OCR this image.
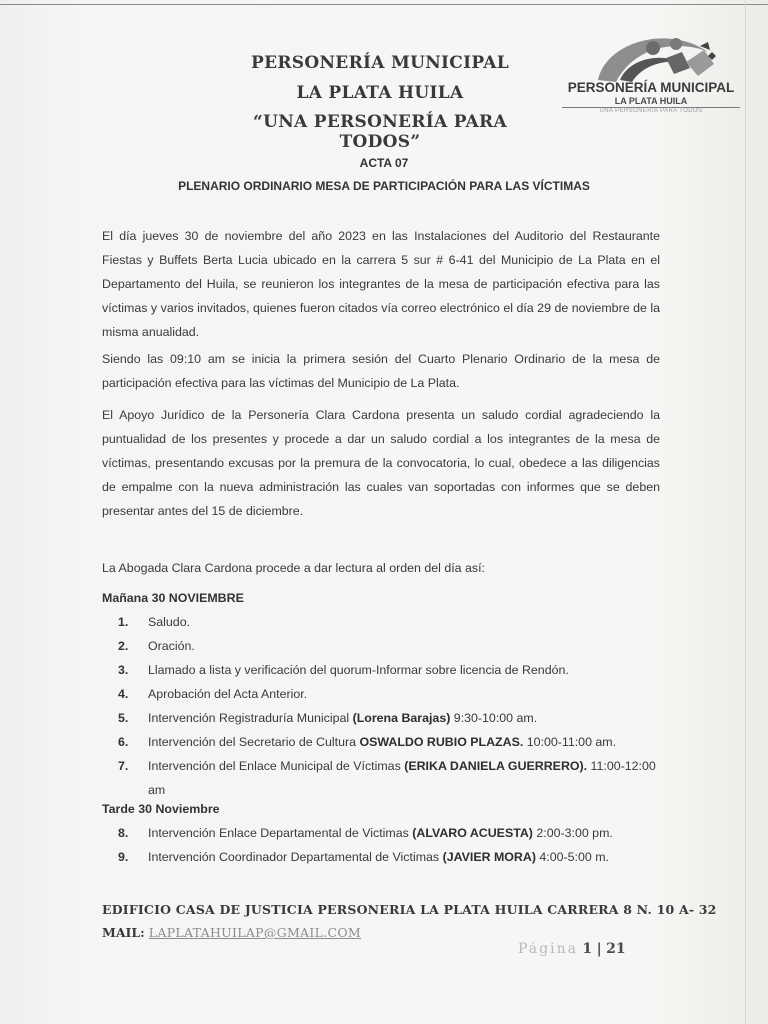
PERSONERÍA MUNICIPAL
LA PLATA HUILA
“UNA PERSONERÍA PARA TODOS”
PERSONERÍA MUNICIPAL
LA PLATA HUILA
UNA PERSONERIA PARA TODOS
ACTA 07
PLENARIO ORDINARIO MESA DE PARTICIPACIÓN PARA LAS VÍCTIMAS

El día jueves 30 de noviembre del año 2023 en las Instalaciones del Auditorio del Restaurante Fiestas y Buffets Berta Lucia ubicado en la carrera 5 sur # 6-41 del Municipio de La Plata en el Departamento del Huila, se reunieron los integrantes de la mesa de participación efectiva para las víctimas y varios invitados, quienes fueron citados vía correo electrónico el día 29 de noviembre de la misma anualidad.

Siendo las 09:10 am se inicia la primera sesión del Cuarto Plenario Ordinario de la mesa de participación efectiva para las víctimas del Municipio de La Plata.

El Apoyo Jurídico de la Personería Clara Cardona presenta un saludo cordial agradeciendo la puntualidad de los presentes y procede a dar un saludo cordial a los integrantes de la mesa de víctimas, presentando excusas por la premura de la convocatoria, lo cual, obedece a las diligencias de empalme con la nueva administración las cuales van soportadas con informes que se deben presentar antes del 15 de diciembre.

La Abogada Clara Cardona procede a dar lectura al orden del día así:

Mañana 30 NOVIEMBRE
1.	Saludo.
2.	Oración.
3.	Llamado a lista y verificación del quorum-Informar sobre licencia de Rendón.
4.	Aprobación del Acta Anterior.
5.	Intervención Registraduría Municipal (Lorena Barajas) 9:30-10:00 am.
6.	Intervención del Secretario de Cultura OSWALDO RUBIO PLAZAS. 10:00-11:00 am.
7.	Intervención del Enlace Municipal de Víctimas (ERIKA DANIELA GUERRERO). 11:00-12:00 am
Tarde 30 Noviembre
8.	Intervención Enlace Departamental de Victimas (ALVARO ACUESTA) 2:00-3:00 pm.
9.	Intervención Coordinador Departamental de Victimas (JAVIER MORA) 4:00-5:00 m.
EDIFICIO CASA DE JUSTICIA PERSONERIA LA PLATA HUILA CARRERA 8 N. 10 A- 32
MAIL: LAPLATAHUILAP@GMAIL.COM
Página 1 | 21
